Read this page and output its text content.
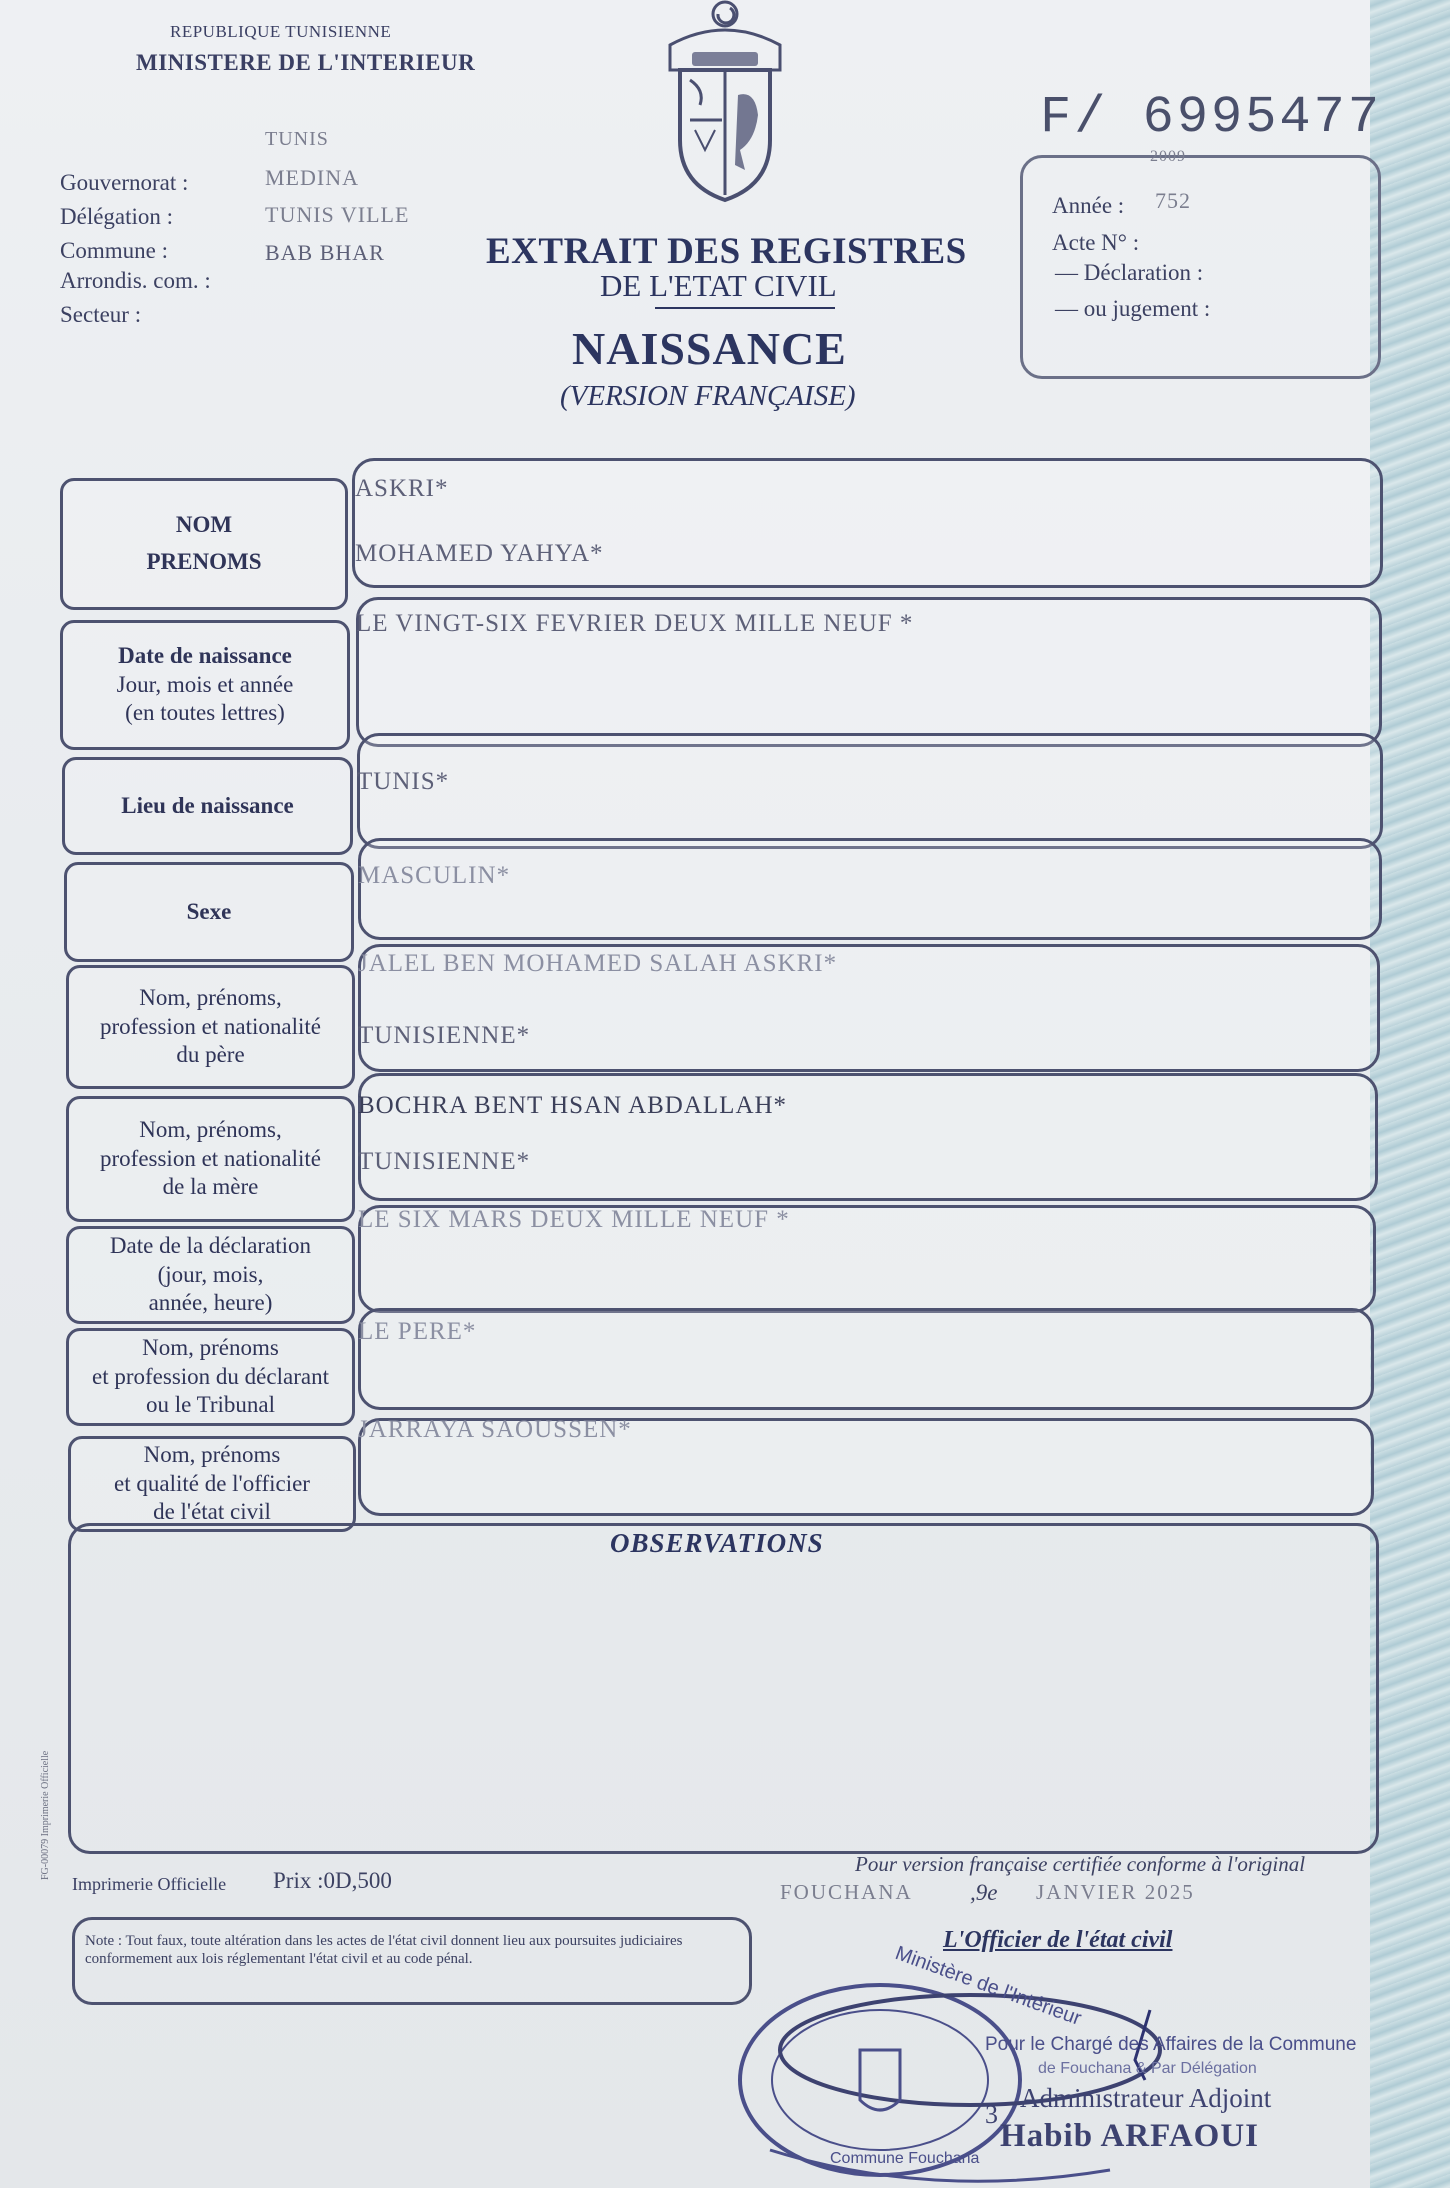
REPUBLIQUE TUNISIENNE
MINISTERE DE L'INTERIEUR
TUNIS
Gouvernorat :
Délégation :
Commune :
Arrondis. com. :
Secteur :
MEDINA
TUNIS VILLE
BAB BHAR	EXTRAIT DES REGISTRES
DE L'ETAT CIVIL
NAISSANCE
(VERSION FRANÇAISE)
F/ 6995477
2009
Année : 752
Acte N° :
— Déclaration :
— ou jugement :
NOM
PRENOMS
ASKRI*
MOHAMED YAHYA*
Date de naissance
Jour, mois et année
(en toutes lettres)
LE VINGT-SIX FEVRIER DEUX MILLE NEUF *
Lieu de naissance
TUNIS*
Sexe
MASCULIN*
Nom, prénoms,
profession et nationalité
du père
JALEL BEN MOHAMED SALAH ASKRI*
TUNISIENNE*
Nom, prénoms,
profession et nationalité
de la mère
BOCHRA BENT HSAN ABDALLAH*
TUNISIENNE*
Date de la déclaration
(jour, mois,
année, heure)
LE SIX MARS DEUX MILLE NEUF *
Nom, prénoms
et profession du déclarant
ou le Tribunal
LE PERE*
Nom, prénoms
et qualité de l'officier
de l'état civil
JARRAYA SAOUSSEN*
OBSERVATIONS
FG-00079 Imprimerie Officielle
Imprimerie Officielle Prix :0D,500
Pour version française certifiée conforme à l'original
FOUCHANA ,9e JANVIER 2025
L'Officier de l'état civil
Note : Tout faux, toute altération dans les actes de l'état civil donnent lieu aux poursuites judiciaires conformement aux lois réglementant l'état civil et au code pénal.	Ministère de l'Intérieur
Commune Fouchana
Pour le Chargé des Affaires de la Commune
de Fouchana & Par Délégation
Administrateur Adjoint
Habib ARFAOUI
3
